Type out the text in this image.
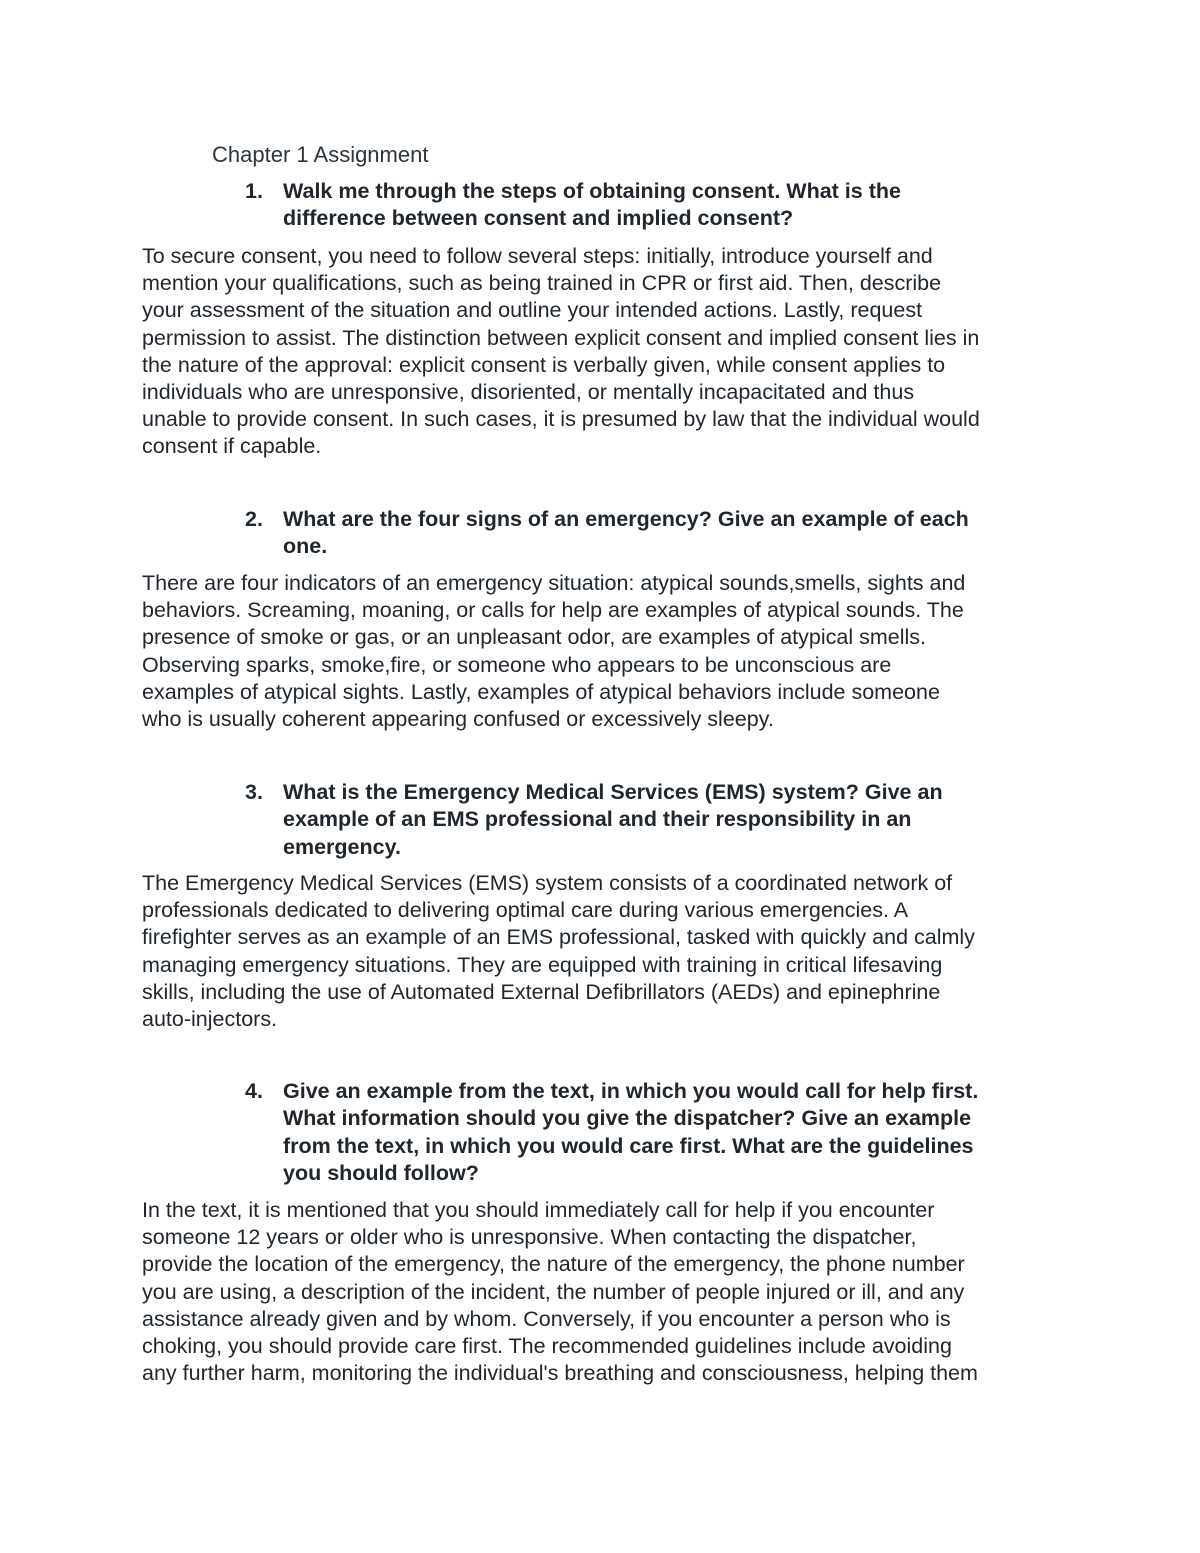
Chapter 1 Assignment
1. Walk me through the steps of obtaining consent. What is the
difference between consent and implied consent?
To secure consent, you need to follow several steps: initially, introduce yourself and
mention your qualifications, such as being trained in CPR or first aid. Then, describe
your assessment of the situation and outline your intended actions. Lastly, request
permission to assist. The distinction between explicit consent and implied consent lies in
the nature of the approval: explicit consent is verbally given, while consent applies to
individuals who are unresponsive, disoriented, or mentally incapacitated and thus
unable to provide consent. In such cases, it is presumed by law that the individual would
consent if capable.
2. What are the four signs of an emergency? Give an example of each
one.
There are four indicators of an emergency situation: atypical sounds,smells, sights and
behaviors. Screaming, moaning, or calls for help are examples of atypical sounds. The
presence of smoke or gas, or an unpleasant odor, are examples of atypical smells.
Observing sparks, smoke,fire, or someone who appears to be unconscious are
examples of atypical sights. Lastly, examples of atypical behaviors include someone
who is usually coherent appearing confused or excessively sleepy.
3. What is the Emergency Medical Services (EMS) system? Give an
example of an EMS professional and their responsibility in an
emergency.
The Emergency Medical Services (EMS) system consists of a coordinated network of
professionals dedicated to delivering optimal care during various emergencies. A
firefighter serves as an example of an EMS professional, tasked with quickly and calmly
managing emergency situations. They are equipped with training in critical lifesaving
skills, including the use of Automated External Defibrillators (AEDs) and epinephrine
auto-injectors.
4. Give an example from the text, in which you would call for help first.
What information should you give the dispatcher? Give an example
from the text, in which you would care first. What are the guidelines
you should follow?
In the text, it is mentioned that you should immediately call for help if you encounter
someone 12 years or older who is unresponsive. When contacting the dispatcher,
provide the location of the emergency, the nature of the emergency, the phone number
you are using, a description of the incident, the number of people injured or ill, and any
assistance already given and by whom. Conversely, if you encounter a person who is
choking, you should provide care first. The recommended guidelines include avoiding
any further harm, monitoring the individual's breathing and consciousness, helping them
